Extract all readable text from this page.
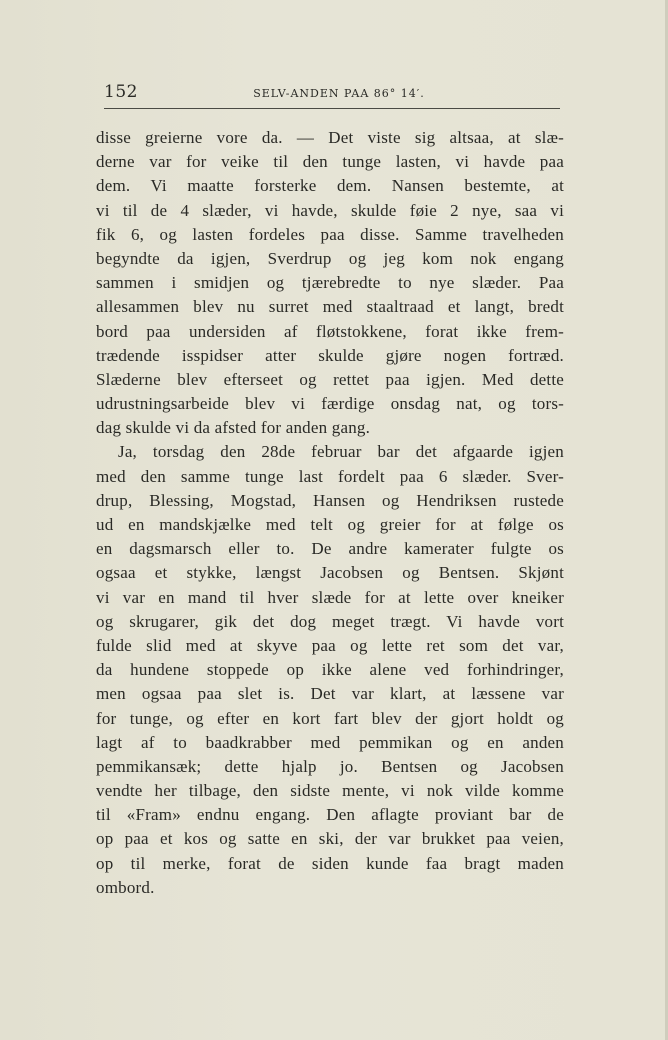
152	SELV-ANDEN PAA 86° 14′.
disse greierne vore da. — Det viste sig altsaa, at slæ-
derne var for veike til den tunge lasten, vi havde paa
dem. Vi maatte forsterke dem. Nansen bestemte, at
vi til de 4 slæder, vi havde, skulde føie 2 nye, saa vi
fik 6, og lasten fordeles paa disse. Samme travelheden
begyndte da igjen, Sverdrup og jeg kom nok engang
sammen i smidjen og tjærebredte to nye slæder. Paa
allesammen blev nu surret med staaltraad et langt, bredt
bord paa undersiden af fløtstokkene, forat ikke frem-
trædende isspidser atter skulde gjøre nogen fortræd.
Slæderne blev efterseet og rettet paa igjen. Med dette
udrustningsarbeide blev vi færdige onsdag nat, og tors-
dag skulde vi da afsted for anden gang.
Ja, torsdag den 28de februar bar det afgaarde igjen
med den samme tunge last fordelt paa 6 slæder. Sver-
drup, Blessing, Mogstad, Hansen og Hendriksen rustede
ud en mandskjælke med telt og greier for at følge os
en dagsmarsch eller to. De andre kamerater fulgte os
ogsaa et stykke, længst Jacobsen og Bentsen. Skjønt
vi var en mand til hver slæde for at lette over kneiker
og skrugarer, gik det dog meget trægt. Vi havde vort
fulde slid med at skyve paa og lette ret som det var,
da hundene stoppede op ikke alene ved forhindringer,
men ogsaa paa slet is. Det var klart, at læssene var
for tunge, og efter en kort fart blev der gjort holdt og
lagt af to baadkrabber med pemmikan og en anden
pemmikansæk; dette hjalp jo. Bentsen og Jacobsen
vendte her tilbage, den sidste mente, vi nok vilde komme
til «Fram» endnu engang. Den aflagte proviant bar de
op paa et kos og satte en ski, der var brukket paa veien,
op til merke, forat de siden kunde faa bragt maden
ombord.
